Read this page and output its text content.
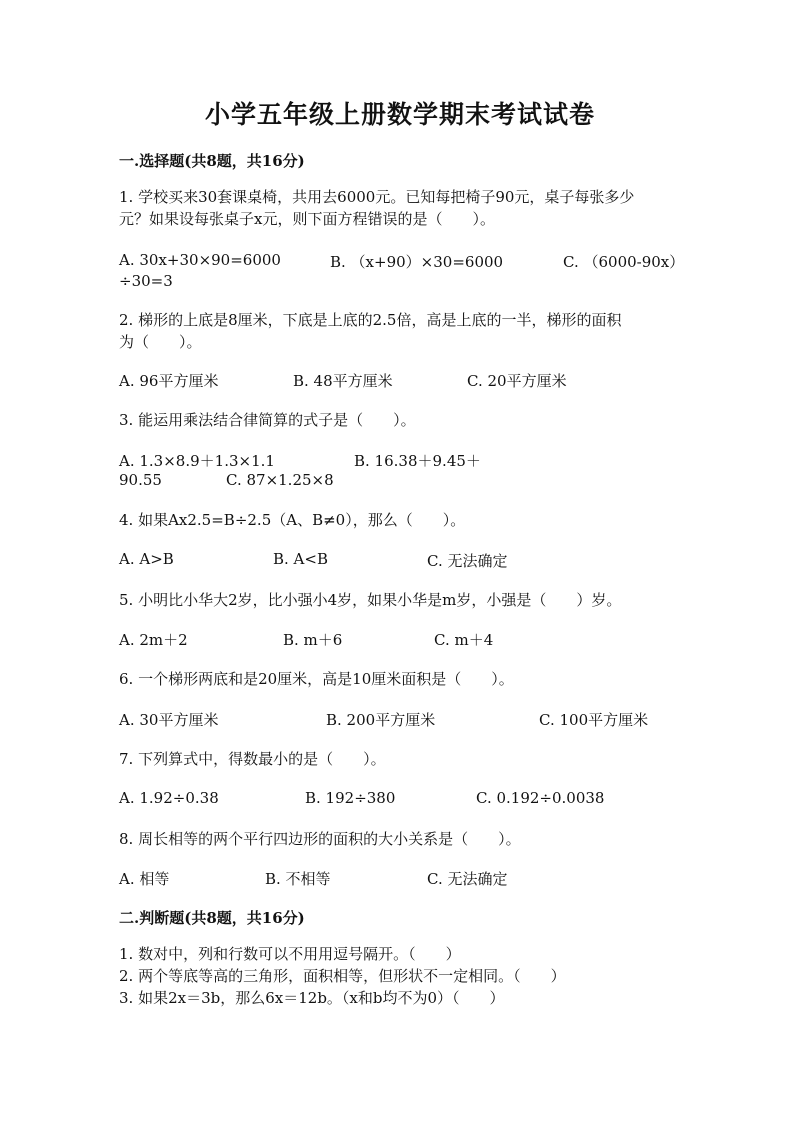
小学五年级上册数学期末考试试卷
一.选择题(共8题，共16分)
1. 学校买来30套课桌椅，共用去6000元。已知每把椅子90元，桌子每张多少
元？如果设每张桌子x元，则下面方程错误的是（　　）。
A. 30x+30×90=6000	B. （x+90）×30=6000	C. （6000-90x）
÷30=3
2. 梯形的上底是8厘米，下底是上底的2.5倍，高是上底的一半，梯形的面积
为（　　）。
A. 96平方厘米	B. 48平方厘米	C. 20平方厘米
3. 能运用乘法结合律简算的式子是（　　）。
A. 1.3×8.9＋1.3×1.1	B. 16.38＋9.45＋
90.55	C. 87×1.25×8
4. 如果Ax2.5=B÷2.5（A、B≠0），那么（　　）。
A. A>B	B. A<B	C. 无法确定
5. 小明比小华大2岁，比小强小4岁，如果小华是m岁，小强是（　　）岁。
A. 2m＋2	B. m＋6	C. m＋4
6. 一个梯形两底和是20厘米，高是10厘米面积是（　　）。
A. 30平方厘米	B. 200平方厘米	C. 100平方厘米
7. 下列算式中，得数最小的是（　　）。
A. 1.92÷0.38	B. 192÷380	C. 0.192÷0.0038
8. 周长相等的两个平行四边形的面积的大小关系是（　　）。
A. 相等	B. 不相等	C. 无法确定
二.判断题(共8题，共16分)
1. 数对中，列和行数可以不用用逗号隔开。（　　）
2. 两个等底等高的三角形，面积相等，但形状不一定相同。（　　）
3. 如果2x＝3b，那么6x＝12b。（x和b均不为0）（　　）
